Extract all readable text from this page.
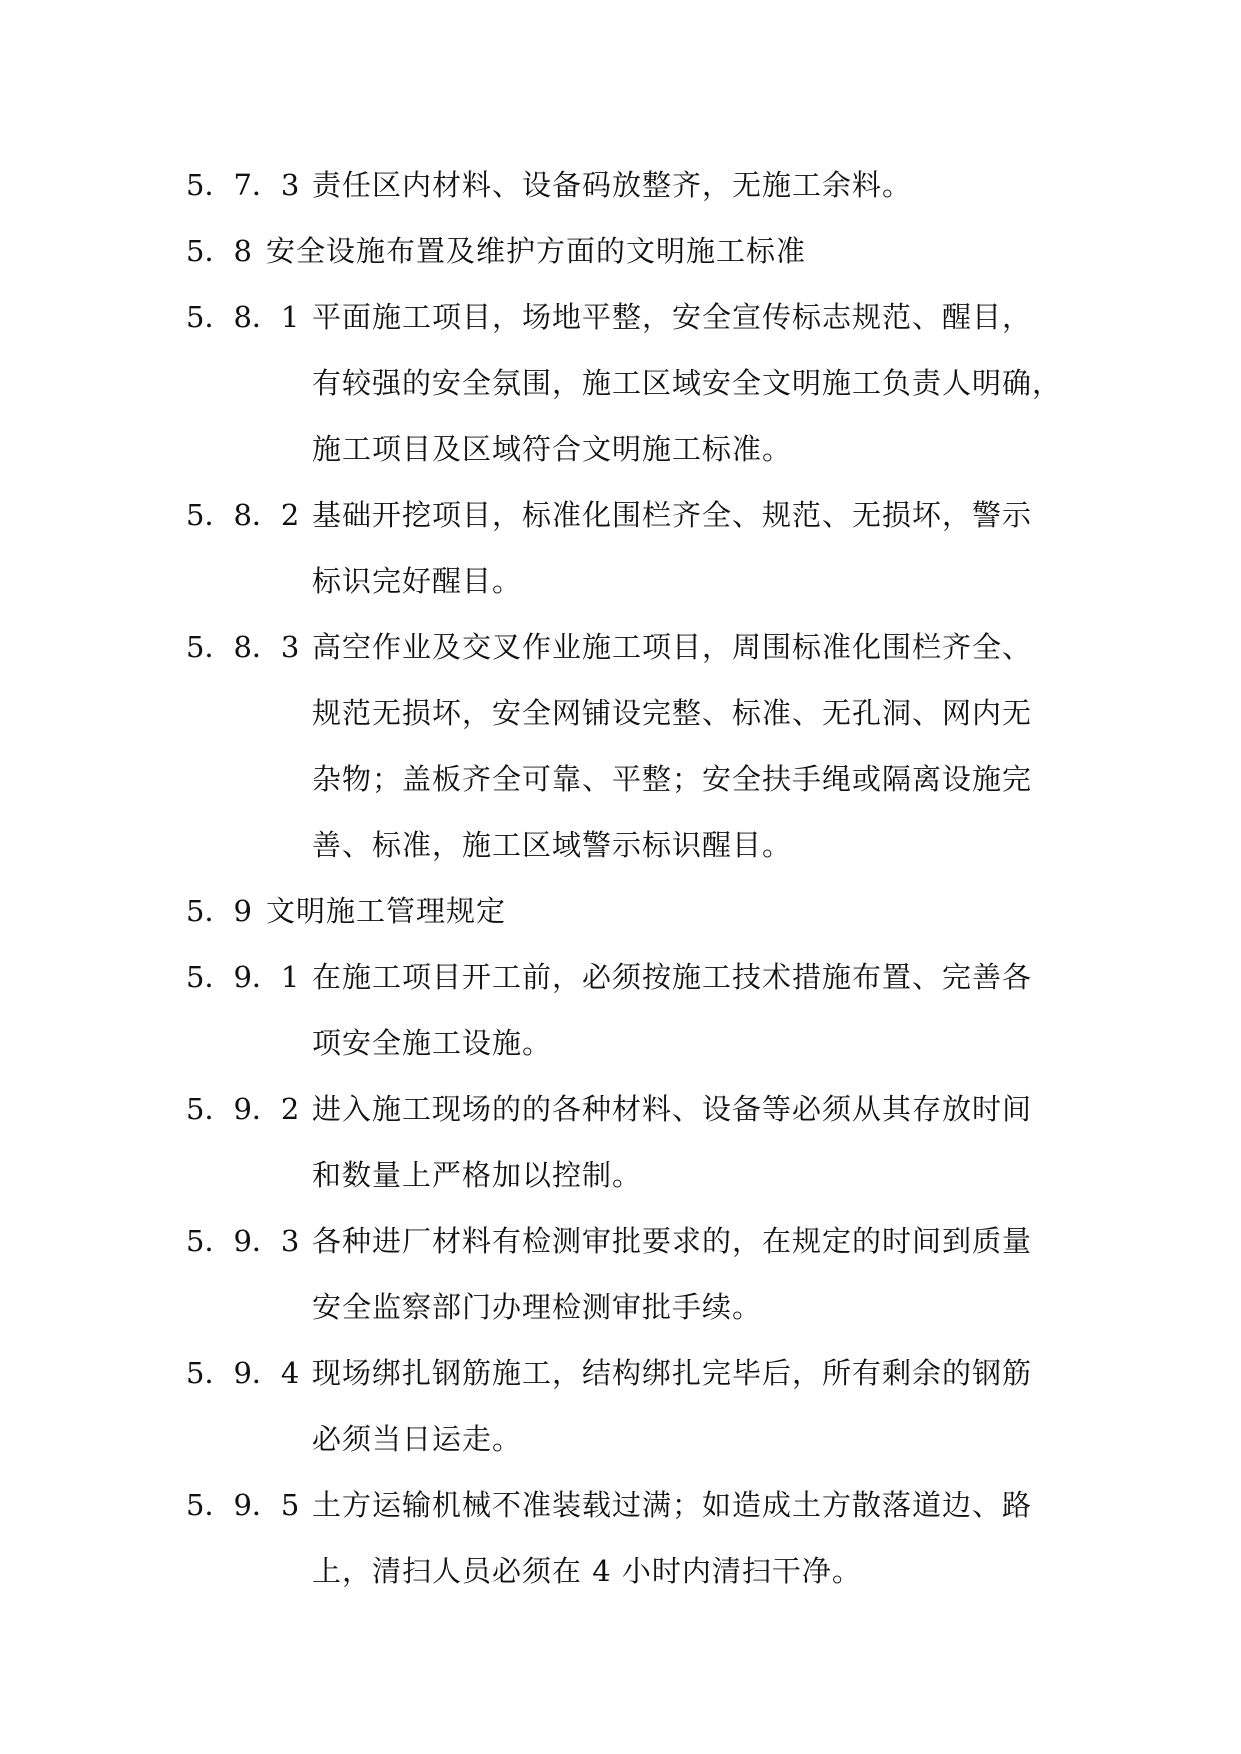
5．7．3 责任区内材料、设备码放整齐，无施工余料。
5．8 安全设施布置及维护方面的文明施工标准
5．8．1 平面施工项目，场地平整，安全宣传标志规范、醒目，
有较强的安全氛围，施工区域安全文明施工负责人明确，
施工项目及区域符合文明施工标准。
5．8．2 基础开挖项目，标准化围栏齐全、规范、无损坏，警示
标识完好醒目。
5．8．3 高空作业及交叉作业施工项目，周围标准化围栏齐全、
规范无损坏，安全网铺设完整、标准、无孔洞、网内无
杂物；盖板齐全可靠、平整；安全扶手绳或隔离设施完
善、标准，施工区域警示标识醒目。
5．9 文明施工管理规定
5．9．1 在施工项目开工前，必须按施工技术措施布置、完善各
项安全施工设施。
5．9．2 进入施工现场的的各种材料、设备等必须从其存放时间
和数量上严格加以控制。
5．9．3 各种进厂材料有检测审批要求的，在规定的时间到质量
安全监察部门办理检测审批手续。
5．9．4 现场绑扎钢筋施工，结构绑扎完毕后，所有剩余的钢筋
必须当日运走。
5．9．5 土方运输机械不准装载过满；如造成土方散落道边、路
上，清扫人员必须在 4 小时内清扫干净。
